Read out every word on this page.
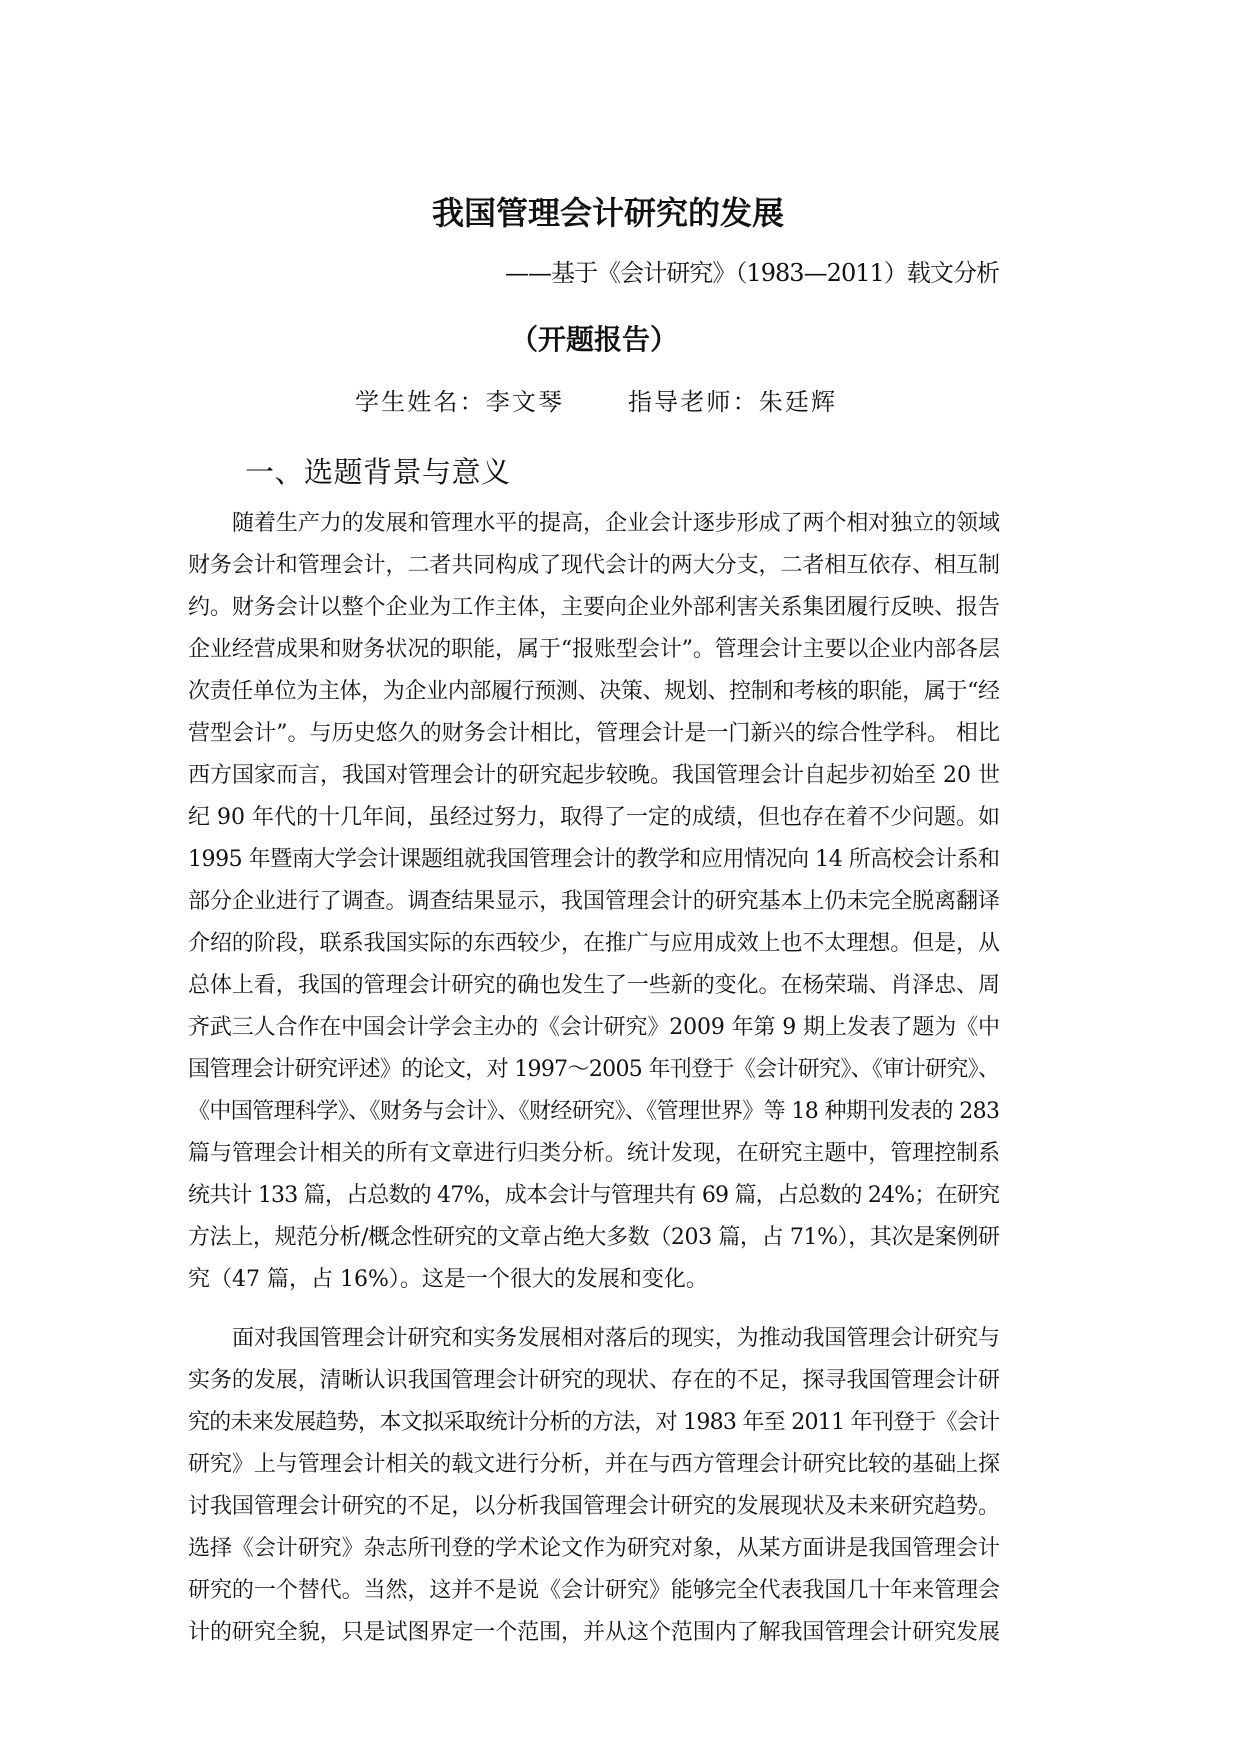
我国管理会计研究的发展
——基于《会计研究》（1983—2011）载文分析
（开题报告）
学生姓名：李文琴	指导老师：朱廷辉
一、选题背景与意义
随着生产力的发展和管理水平的提高，企业会计逐步形成了两个相对独立的领域
财务会计和管理会计，二者共同构成了现代会计的两大分支，二者相互依存、相互制
约。财务会计以整个企业为工作主体，主要向企业外部利害关系集团履行反映、报告
企业经营成果和财务状况的职能，属于“报账型会计”。管理会计主要以企业内部各层
次责任单位为主体，为企业内部履行预测、决策、规划、控制和考核的职能，属于“经
营型会计”。与历史悠久的财务会计相比，管理会计是一门新兴的综合性学科。 相比
西方国家而言，我国对管理会计的研究起步较晚。我国管理会计自起步初始至 20 世
纪 90 年代的十几年间，虽经过努力，取得了一定的成绩，但也存在着不少问题。如
1995 年暨南大学会计课题组就我国管理会计的教学和应用情况向 14 所高校会计系和
部分企业进行了调查。调查结果显示，我国管理会计的研究基本上仍未完全脱离翻译
介绍的阶段，联系我国实际的东西较少，在推广与应用成效上也不太理想。但是，从
总体上看，我国的管理会计研究的确也发生了一些新的变化。在杨荣瑞、肖泽忠、周
齐武三人合作在中国会计学会主办的《会计研究》2009 年第 9 期上发表了题为《中
国管理会计研究评述》的论文，对 1997～2005 年刊登于《会计研究》、《审计研究》、
《中国管理科学》、《财务与会计》、《财经研究》、《管理世界》等 18 种期刊发表的 283
篇与管理会计相关的所有文章进行归类分析。统计发现，在研究主题中，管理控制系
统共计 133 篇，占总数的 47%，成本会计与管理共有 69 篇，占总数的 24%；在研究
方法上，规范分析/概念性研究的文章占绝大多数（203 篇，占 71%），其次是案例研
究（47 篇，占 16%）。这是一个很大的发展和变化。
面对我国管理会计研究和实务发展相对落后的现实，为推动我国管理会计研究与
实务的发展，清晰认识我国管理会计研究的现状、存在的不足，探寻我国管理会计研
究的未来发展趋势，本文拟采取统计分析的方法，对 1983 年至 2011 年刊登于《会计
研究》上与管理会计相关的载文进行分析，并在与西方管理会计研究比较的基础上探
讨我国管理会计研究的不足，以分析我国管理会计研究的发展现状及未来研究趋势。
选择《会计研究》杂志所刊登的学术论文作为研究对象，从某方面讲是我国管理会计
研究的一个替代。当然，这并不是说《会计研究》能够完全代表我国几十年来管理会
计的研究全貌，只是试图界定一个范围，并从这个范围内了解我国管理会计研究发展
